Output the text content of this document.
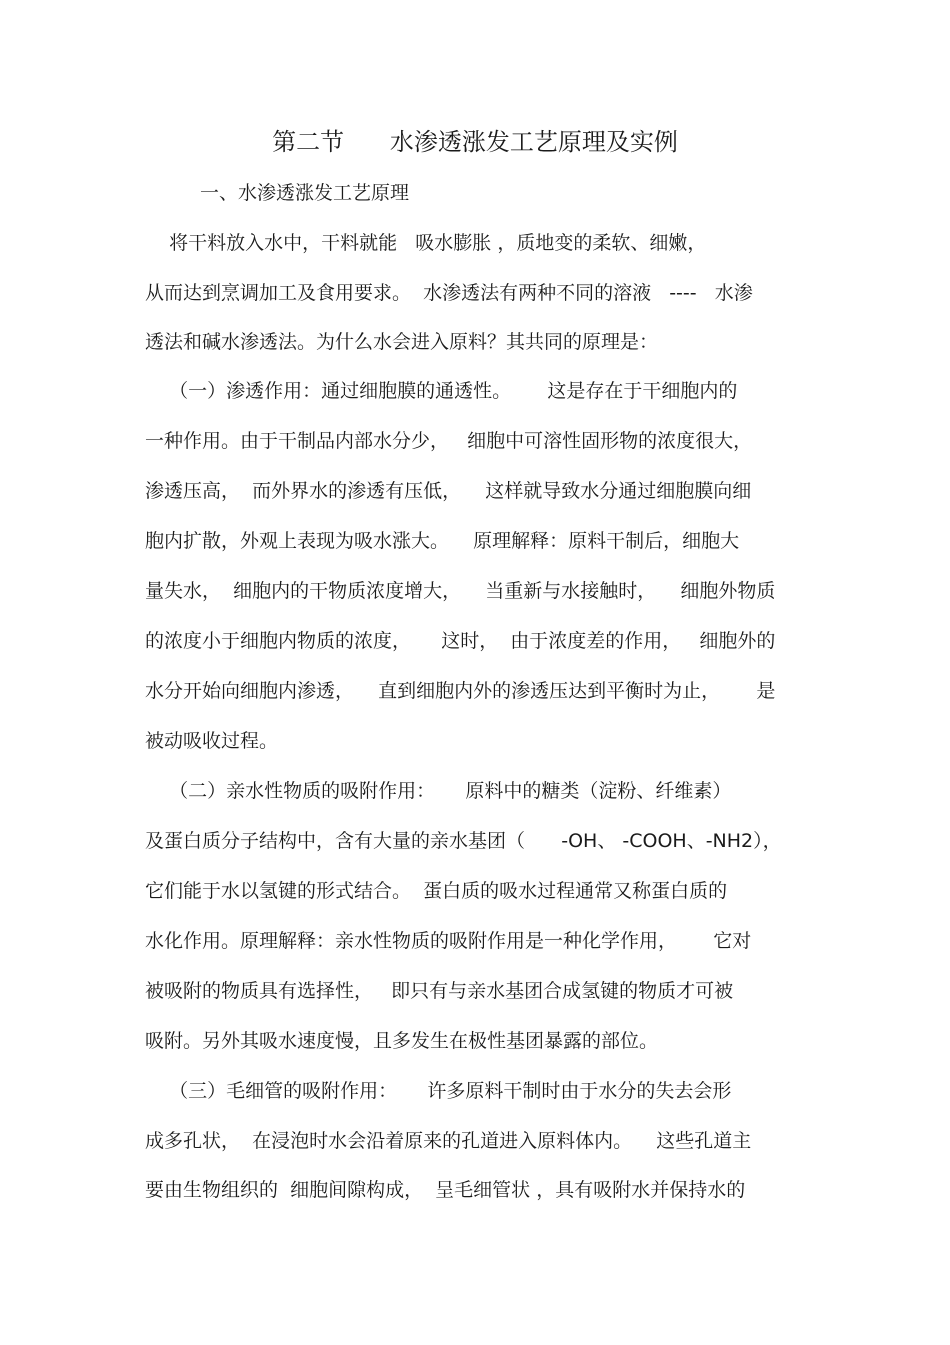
第二节      水渗透涨发工艺原理及实例
一、水渗透涨发工艺原理
将干料放入水中，干料就能   吸水膨胀 ，质地变的柔软、细嫩，
从而达到烹调加工及食用要求。  水渗透法有两种不同的溶液   ----   水渗
透法和碱水渗透法。为什么水会进入原料？其共同的原理是：
（一）渗透作用：通过细胞膜的通透性。      这是存在于干细胞内的
一种作用。由于干制品内部水分少，   细胞中可溶性固形物的浓度很大，
渗透压高，  而外界水的渗透有压低，    这样就导致水分通过细胞膜向细
胞内扩散，外观上表现为吸水涨大。    原理解释：原料干制后，细胞大
量失水，  细胞内的干物质浓度增大，    当重新与水接触时，    细胞外物质
的浓度小于细胞内物质的浓度，     这时，  由于浓度差的作用，   细胞外的
水分开始向细胞内渗透，    直到细胞内外的渗透压达到平衡时为止，      是
被动吸收过程。
（二）亲水性物质的吸附作用：     原料中的糖类（淀粉、纤维素）
及蛋白质分子结构中，含有大量的亲水基团（      -OH、 -COOH、-NH2），
它们能于水以氢键的形式结合。  蛋白质的吸水过程通常又称蛋白质的
水化作用。原理解释：亲水性物质的吸附作用是一种化学作用，      它对
被吸附的物质具有选择性，   即只有与亲水基团合成氢键的物质才可被
吸附。另外其吸水速度慢，且多发生在极性基团暴露的部位。
（三）毛细管的吸附作用：     许多原料干制时由于水分的失去会形
成多孔状，  在浸泡时水会沿着原来的孔道进入原料体内。    这些孔道主
要由生物组织的  细胞间隙构成，  呈毛细管状 ，具有吸附水并保持水的
